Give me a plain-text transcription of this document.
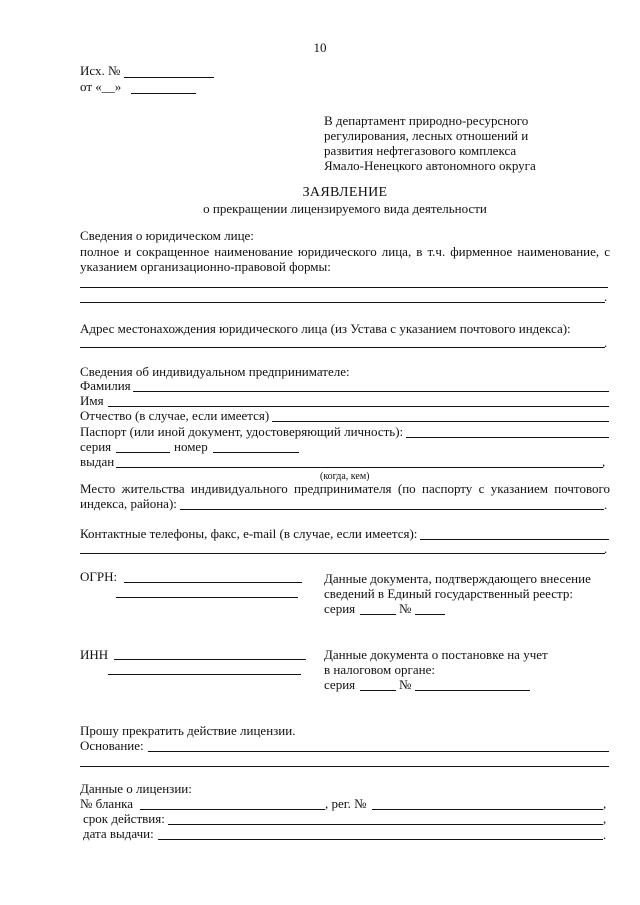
10
Исх. №
от «__»
В департамент природно-ресурсного
регулирования, лесных отношений и
развития нефтегазового комплекса
Ямало-Ненецкого автономного округа
ЗАЯВЛЕНИЕ
о прекращении лицензируемого вида деятельности
Сведения о юридическом лице:
полное и сокращенное наименование юридического лица, в т.ч. фирменное наименование, с
указанием организационно-правовой формы:
.
Адрес местонахождения юридического лица (из Устава с указанием почтового индекса):
.
Сведения об индивидуальном предпринимателе:
Фамилия
Имя
Отчество (в случае, если имеется)
Паспорт (или иной документ, удостоверяющий личность):
серия	номер
выдан	,
(когда, кем)
Место жительства индивидуального предпринимателя (по паспорту с указанием почтового
индекса, района):	.
Контактные телефоны, факс, e-mail (в случае, если имеется):
.
ОГРН:	Данные документа, подтверждающего внесение
сведений в Единый государственный реестр:
серия	№
ИНН	Данные документа о постановке на учет
в налоговом органе:
серия	№
Прошу прекратить действие лицензии.
Основание:
Данные о лицензии:
№ бланка	, рег. №	,
срок действия:	,
дата выдачи:	.
